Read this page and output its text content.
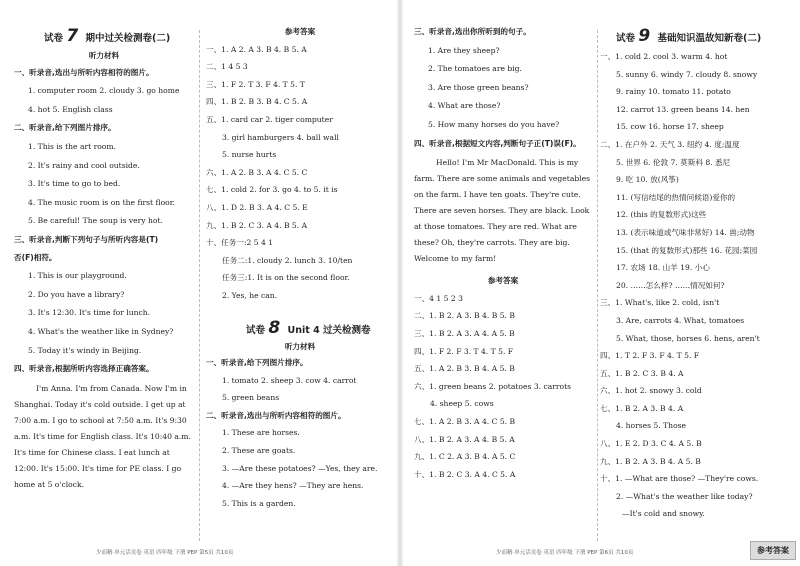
试卷 7 期中过关检测卷(二)
听力材料
一、听录音,选出与所听内容相符的图片。
1. computer room 2. cloudy 3. go home
4. hot 5. English class
二、听录音,给下列图片排序。
1. This is the art room.
2. It's rainy and cool outside.
3. It's time to go to bed.
4. The music room is on the first floor.
5. Be careful! The soup is very hot.
三、听录音,判断下列句子与所听内容是(T)
否(F)相符。
1. This is our playground.
2. Do you have a library?
3. It's 12:30. It's time for lunch.
4. What's the weather like in Sydney?
5. Today it's windy in Beijing.
四、听录音,根据所听内容选择正确答案。
I'm Anna. I'm from Canada. Now I'm in Shanghai. Today it's cold outside. I get up at 7:00 a.m. I go to school at 7:50 a.m. It's 9:30 a.m. It's time for English class. It's 10:40 a.m. It's time for Chinese class. I eat lunch at 12:00. It's 15:00. It's time for PE class. I go home at 5 o'clock.
少而精·单元活页卷 英语 四年级 下册 PEP 第5页 共10页
参考答案
一、1. A 2. A 3. B 4. B 5. A
二、1 4 5 3
三、1. F 2. T 3. F 4. T 5. T
四、1. B 2. B 3. B 4. C 5. A
五、1. card car 2. tiger computer
3. girl hamburgers 4. ball wall
5. nurse hurts
六、1. A 2. B 3. A 4. C 5. C
七、1. cold 2. for 3. go 4. to 5. it is
八、1. D 2. B 3. A 4. C 5. E
九、1. B 2. C 3. A 4. B 5. A
十、任务一:2 5 4 1
任务二:1. cloudy 2. lunch 3. 10/ten
任务三:1. It is on the second floor.
2. Yes, he can.
试卷 8 Unit 4 过关检测卷
听力材料
一、听录音,给下列图片排序。
1. tomato 2. sheep 3. cow 4. carrot
5. green beans
二、听录音,选出与所听内容相符的图片。
1. These are horses.
2. These are goats.
3. —Are these potatoes? —Yes, they are.
4. —Are they hens? —They are hens.
5. This is a garden.
三、听录音,选出你所听到的句子。
1. Are they sheep?
2. The tomatoes are big.
3. Are those green beans?
4. What are those?
5. How many horses do you have?
四、听录音,根据短文内容,判断句子正(T)误(F)。
Hello! I'm Mr MacDonald. This is my farm. There are some animals and vegetables on the farm. I have ten goats. They're cute. There are seven horses. They are black. Look at those tomatoes. They are red. What are these? Oh, they're carrots. They are big. Welcome to my farm!
参考答案
一、4 1 5 2 3
二、1. B 2. A 3. B 4. B 5. B
三、1. B 2. A 3. A 4. A 5. B
四、1. F 2. F 3. T 4. T 5. F
五、1. A 2. B 3. B 4. A 5. B
六、1. green beans 2. potatoes 3. carrots
4. sheep 5. cows
七、1. A 2. B 3. A 4. C 5. B
八、1. B 2. A 3. A 4. B 5. A
九、1. C 2. A 3. B 4. A 5. C
十、1. B 2. C 3. A 4. C 5. A
少而精·单元活页卷 英语 四年级 下册 PEP 第6页 共10页
试卷 9 基础知识温故知新卷(二)
一、1. cold 2. cool 3. warm 4. hot
5. sunny 6. windy 7. cloudy 8. snowy
9. rainy 10. tomato 11. potato
12. carrot 13. green beans 14. hen
15. cow 16. horse 17. sheep
二、1. 在户外 2. 天气 3. 纽约 4. 度;温度
5. 世界 6. 伦敦 7. 莫斯科 8. 悉尼
9. 吃 10. 放(风筝)
11. (写信结尾的热情问候语)爱你的
12. (this 的复数形式)这些
13. (表示味道或气味非常好) 14. 兽;动物
15. (that 的复数形式)那些 16. 花园;菜园
17. 农场 18. 山羊 19. 小心
20. ……怎么样? ……情况如何?
三、1. What's, like 2. cold, isn't
3. Are, carrots 4. What, tomatoes
5. What, those, horses 6. hens, aren't
四、1. T 2. F 3. F 4. T 5. F
五、1. B 2. C 3. B 4. A
六、1. hot 2. snowy 3. cold
七、1. B 2. A 3. B 4. A
4. horses 5. Those
八、1. E 2. D 3. C 4. A 5. B
九、1. B 2. A 3. B 4. A 5. B
十、1. —What are those? —They're cows.
2. —What's the weather like today?
—It's cold and snowy.
参考答案
